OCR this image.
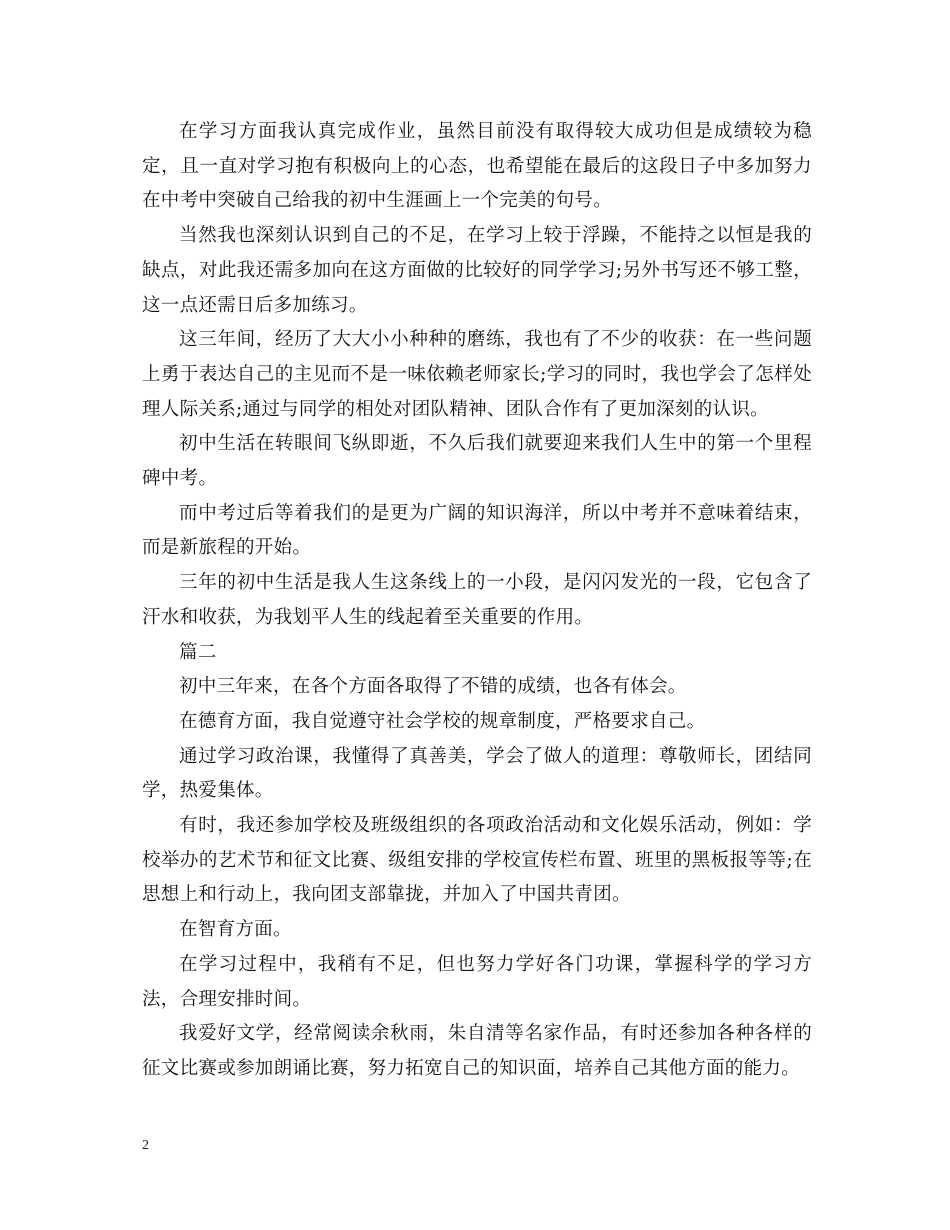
在学习方面我认真完成作业，虽然目前没有取得较大成功但是成绩较为稳定，且一直对学习抱有积极向上的心态，也希望能在最后的这段日子中多加努力在中考中突破自己给我的初中生涯画上一个完美的句号。

当然我也深刻认识到自己的不足，在学习上较于浮躁，不能持之以恒是我的缺点，对此我还需多加向在这方面做的比较好的同学学习;另外书写还不够工整，这一点还需日后多加练习。

这三年间，经历了大大小小种种的磨练，我也有了不少的收获：在一些问题上勇于表达自己的主见而不是一味依赖老师家长;学习的同时，我也学会了怎样处理人际关系;通过与同学的相处对团队精神、团队合作有了更加深刻的认识。

初中生活在转眼间飞纵即逝，不久后我们就要迎来我们人生中的第一个里程碑中考。

而中考过后等着我们的是更为广阔的知识海洋，所以中考并不意味着结束，而是新旅程的开始。

三年的初中生活是我人生这条线上的一小段，是闪闪发光的一段，它包含了汗水和收获，为我划平人生的线起着至关重要的作用。

篇二

初中三年来，在各个方面各取得了不错的成绩，也各有体会。

在德育方面，我自觉遵守社会学校的规章制度，严格要求自己。

通过学习政治课，我懂得了真善美，学会了做人的道理：尊敬师长，团结同学，热爱集体。

有时，我还参加学校及班级组织的各项政治活动和文化娱乐活动，例如：学校举办的艺术节和征文比赛、级组安排的学校宣传栏布置、班里的黑板报等等;在思想上和行动上，我向团支部靠拢，并加入了中国共青团。

在智育方面。

在学习过程中，我稍有不足，但也努力学好各门功课，掌握科学的学习方法，合理安排时间。

我爱好文学，经常阅读余秋雨，朱自清等名家作品，有时还参加各种各样的征文比赛或参加朗诵比赛，努力拓宽自己的知识面，培养自己其他方面的能力。

2
